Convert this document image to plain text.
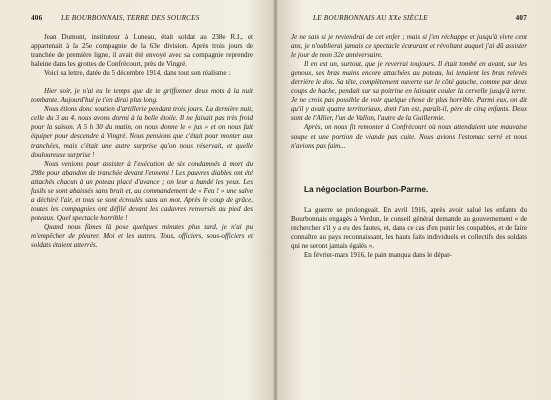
406	LE BOURBONNAIS, TERRE DES SOURCES

Jean Dumont, instituteur à Luneau, était soldat au 238e R.I., et appartenait à la 25e compagnie de la 63e division. Après trois jours de tranchée de première ligne, il avait été envoyé avec sa compagnie reprendre haleine dans les grottes de Confrécourt, près de Vingré.

Voici sa lettre, datée du 5 décembre 1914, dans tout son réalisme :

Hier soir, je n'ai eu le temps que de te griffonner deux mots à la nuit tombante. Aujourd'hui je t'en dirai plus long.

Nous étions donc soutien d'artillerie pendant trois jours. La dernière nuit, celle du 3 au 4, nous avons dormi à la belle étoile. Il ne faisait pas très froid pour la saison. A 5 h 30 du matin, on nous donne le « jus » et on nous fait équiper pour descendre à Vingré. Nous pensions que c'était pour monter aux tranchées, mais c'était une autre surprise qu'on nous réservait, et quelle douloureuse surprise !

Nous venions pour assister à l'exécution de six condamnés à mort du 298e pour abandon de tranchée devant l'ennemi ! Les pauvres diables ont été attachés chacun à un poteau placé d'avance ; on leur a bandé les yeux. Les fusils se sont abaissés sans bruit et, au commandement de « Feu ! » une salve a déchiré l'air, et tous se sont écroulés sans un mot. Après le coup de grâce, toutes les compagnies ont défilé devant les cadavres renversés au pied des poteaux. Quel spectacle horrible !

Quand nous fûmes là pose quelques minutes plus tard, je n'ai pu m'empêcher de pleurer. Moi et les autres. Tous, officiers, sous-officiers et soldats étaient atterrés.

LE BOURBONNAIS AU XXe SIÈCLE	407

Je ne sais si je reviendrai de cet enfer ; mais si j'en réchappe et jusqu'à vivre cent ans, je n'oublierai jamais ce spectacle écœurant et révoltant auquel j'ai dû assister le jour de mon 32e anniversaire.

Il en est un, surtout, que je reverrai toujours. Il était tombé en avant, sur les genoux, ses bras mains encore attachées au poteau, lui tenaient les bras relevés derrière le dos. Sa tête, complètement ouverte sur le côté gauche, comme par deux coups de hache, pendait sur sa poitrine en laissant couler la cervelle jusqu'à terre. Je ne crois pas possible de voir quelque chose de plus horrible. Parmi eux, on dit qu'il y avait quatre territoriaux, dont l'un est, paraît-il, père de cinq enfants. Deux sont de l'Allier, l'un de Vallon, l'autre de la Guillermie.

Après, on nous fit remonter à Confrécourt où nous attendaient une mauvaise soupe et une portion de viande pas cuite. Nous avions l'estomac serré et nous n'avions pas faim...

La négociation Bourbon-Parme.

La guerre se prolongeait. En avril 1916, après avoir salué les enfants du Bourbonnais engagés à Verdun, le conseil général demande au gouvernement « de rechercher s'il y a eu des fautes, et, dans ce cas d'en punir les coupables, et de faire connaître au pays reconnaissant, les hauts faits individuels et collectifs des soldats qui ne seront jamais égalés ».

En février-mars 1916, le pain manqua dans le dépar-
